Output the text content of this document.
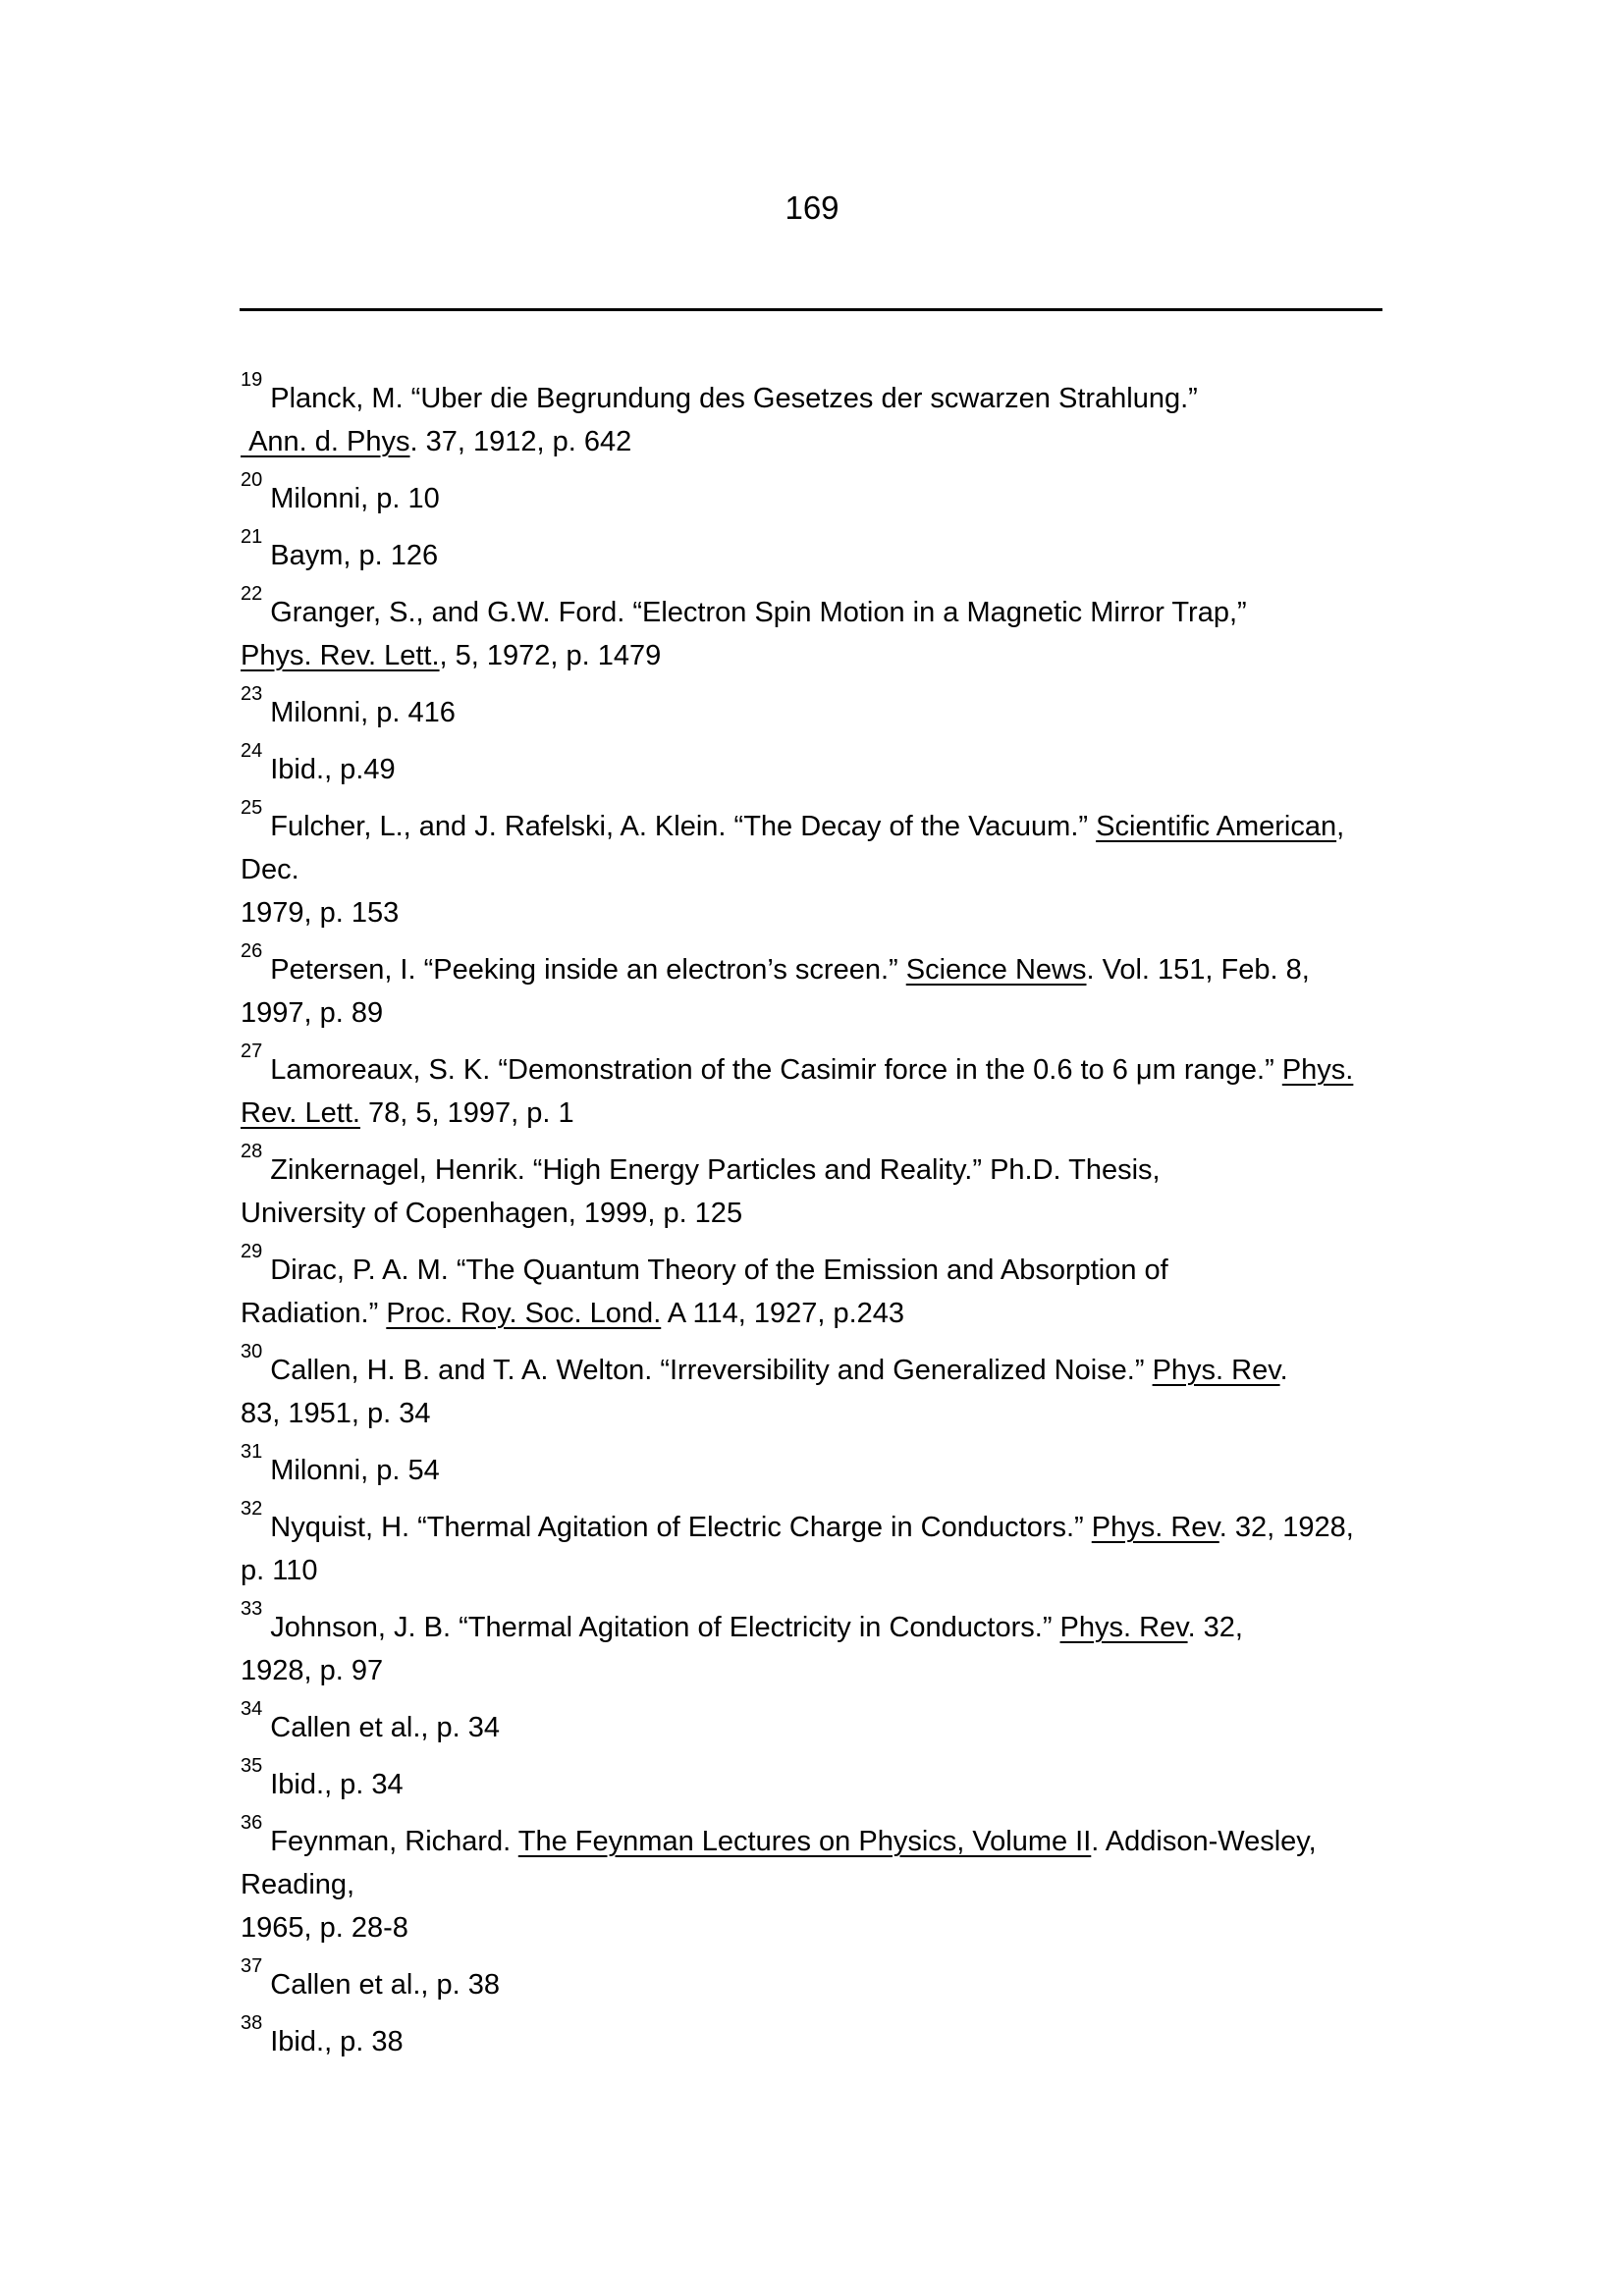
169
$^{19}$Planck, M. “Uber die Begrundung des Gesetzes der scwarzen Strahlung.”
Ann. d. Phys. 37, 1912, p. 642
$^{20}$Milonni, p. 10
$^{21}$Baym, p. 126
$^{22}$Granger, S., and G.W. Ford. “Electron Spin Motion in a Magnetic Mirror Trap,”
Phys. Rev. Lett., 5, 1972, p. 1479
$^{23}$Milonni, p. 416
$^{24}$Ibid., p.49
$^{25}$Fulcher, L., and J. Rafelski, A. Klein. “The Decay of the Vacuum.” Scientific American, Dec.
1979, p. 153
$^{26}$Petersen, I. “Peeking inside an electron’s screen.” Science News. Vol. 151, Feb. 8,
1997, p. 89
$^{27}$Lamoreaux, S. K. “Demonstration of the Casimir force in the 0.6 to 6 μm range.” Phys.
Rev. Lett. 78, 5, 1997, p. 1
$^{28}$Zinkernagel, Henrik. “High Energy Particles and Reality.” Ph.D. Thesis,
University of Copenhagen, 1999, p. 125
$^{29}$Dirac, P. A. M. “The Quantum Theory of the Emission and Absorption of
Radiation.” Proc. Roy. Soc. Lond. A 114, 1927, p.243
$^{30}$Callen, H. B. and T. A. Welton. “Irreversibility and Generalized Noise.” Phys. Rev.
83, 1951, p. 34
$^{31}$Milonni, p. 54
$^{32}$Nyquist, H. “Thermal Agitation of Electric Charge in Conductors.” Phys. Rev. 32, 1928,
p. 110
$^{33}$Johnson, J. B. “Thermal Agitation of Electricity in Conductors.” Phys. Rev. 32,
1928, p. 97
$^{34}$Callen et al., p. 34
$^{35}$Ibid., p. 34
$^{36}$Feynman, Richard. The Feynman Lectures on Physics, Volume II. Addison-Wesley, Reading,
1965, p. 28-8
$^{37}$Callen et al., p. 38
$^{38}$Ibid., p. 38
